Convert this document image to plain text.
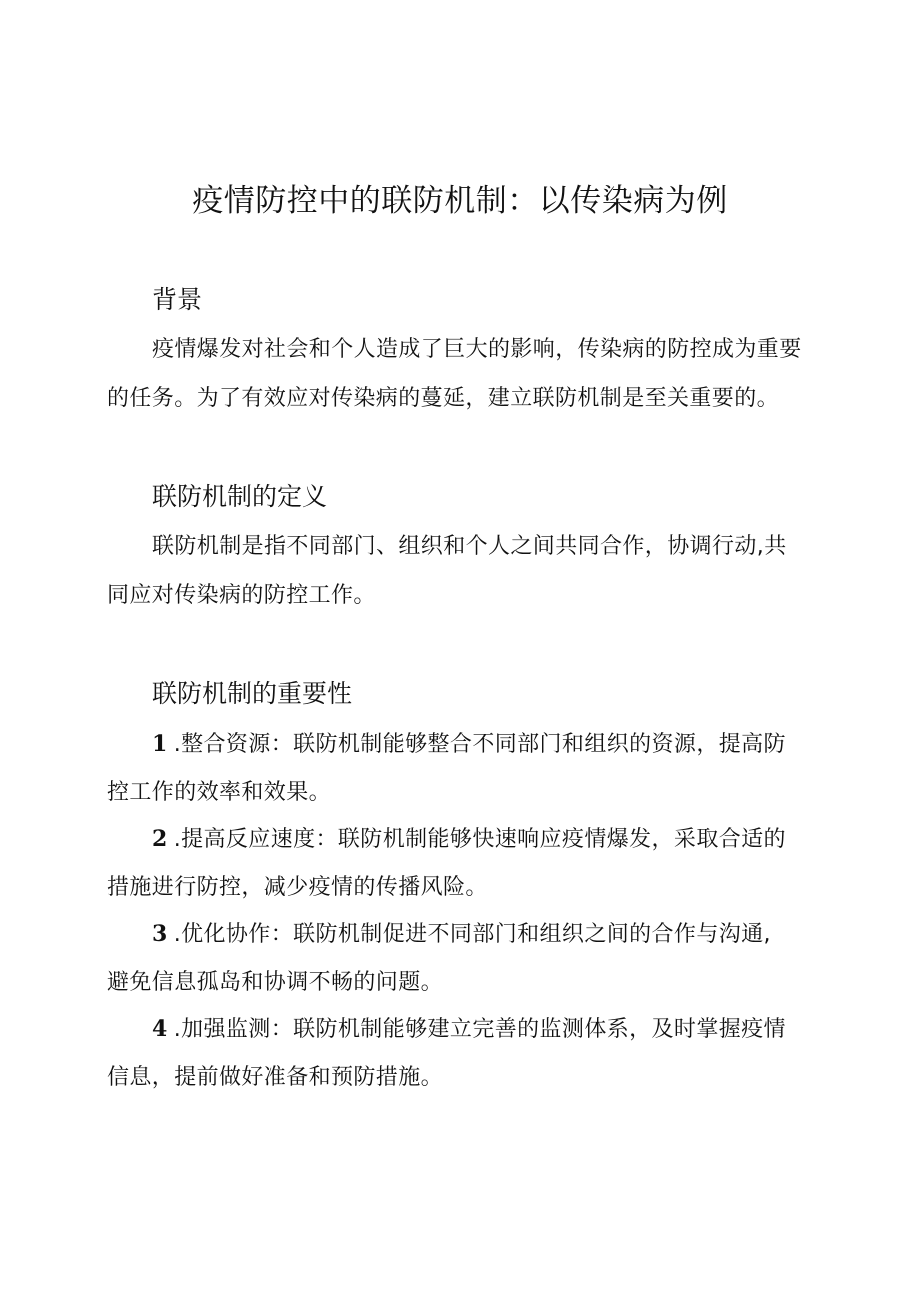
疫情防控中的联防机制：以传染病为例
背景
疫情爆发对社会和个人造成了巨大的影响，传染病的防控成为重要
的任务。为了有效应对传染病的蔓延，建立联防机制是至关重要的。
联防机制的定义
联防机制是指不同部门、组织和个人之间共同合作，协调行动,共
同应对传染病的防控工作。
联防机制的重要性
1 .整合资源：联防机制能够整合不同部门和组织的资源，提高防
控工作的效率和效果。
2 .提高反应速度：联防机制能够快速响应疫情爆发，采取合适的
措施进行防控，减少疫情的传播风险。
3 .优化协作：联防机制促进不同部门和组织之间的合作与沟通,
避免信息孤岛和协调不畅的问题。
4 .加强监测：联防机制能够建立完善的监测体系，及时掌握疫情
信息，提前做好准备和预防措施。
